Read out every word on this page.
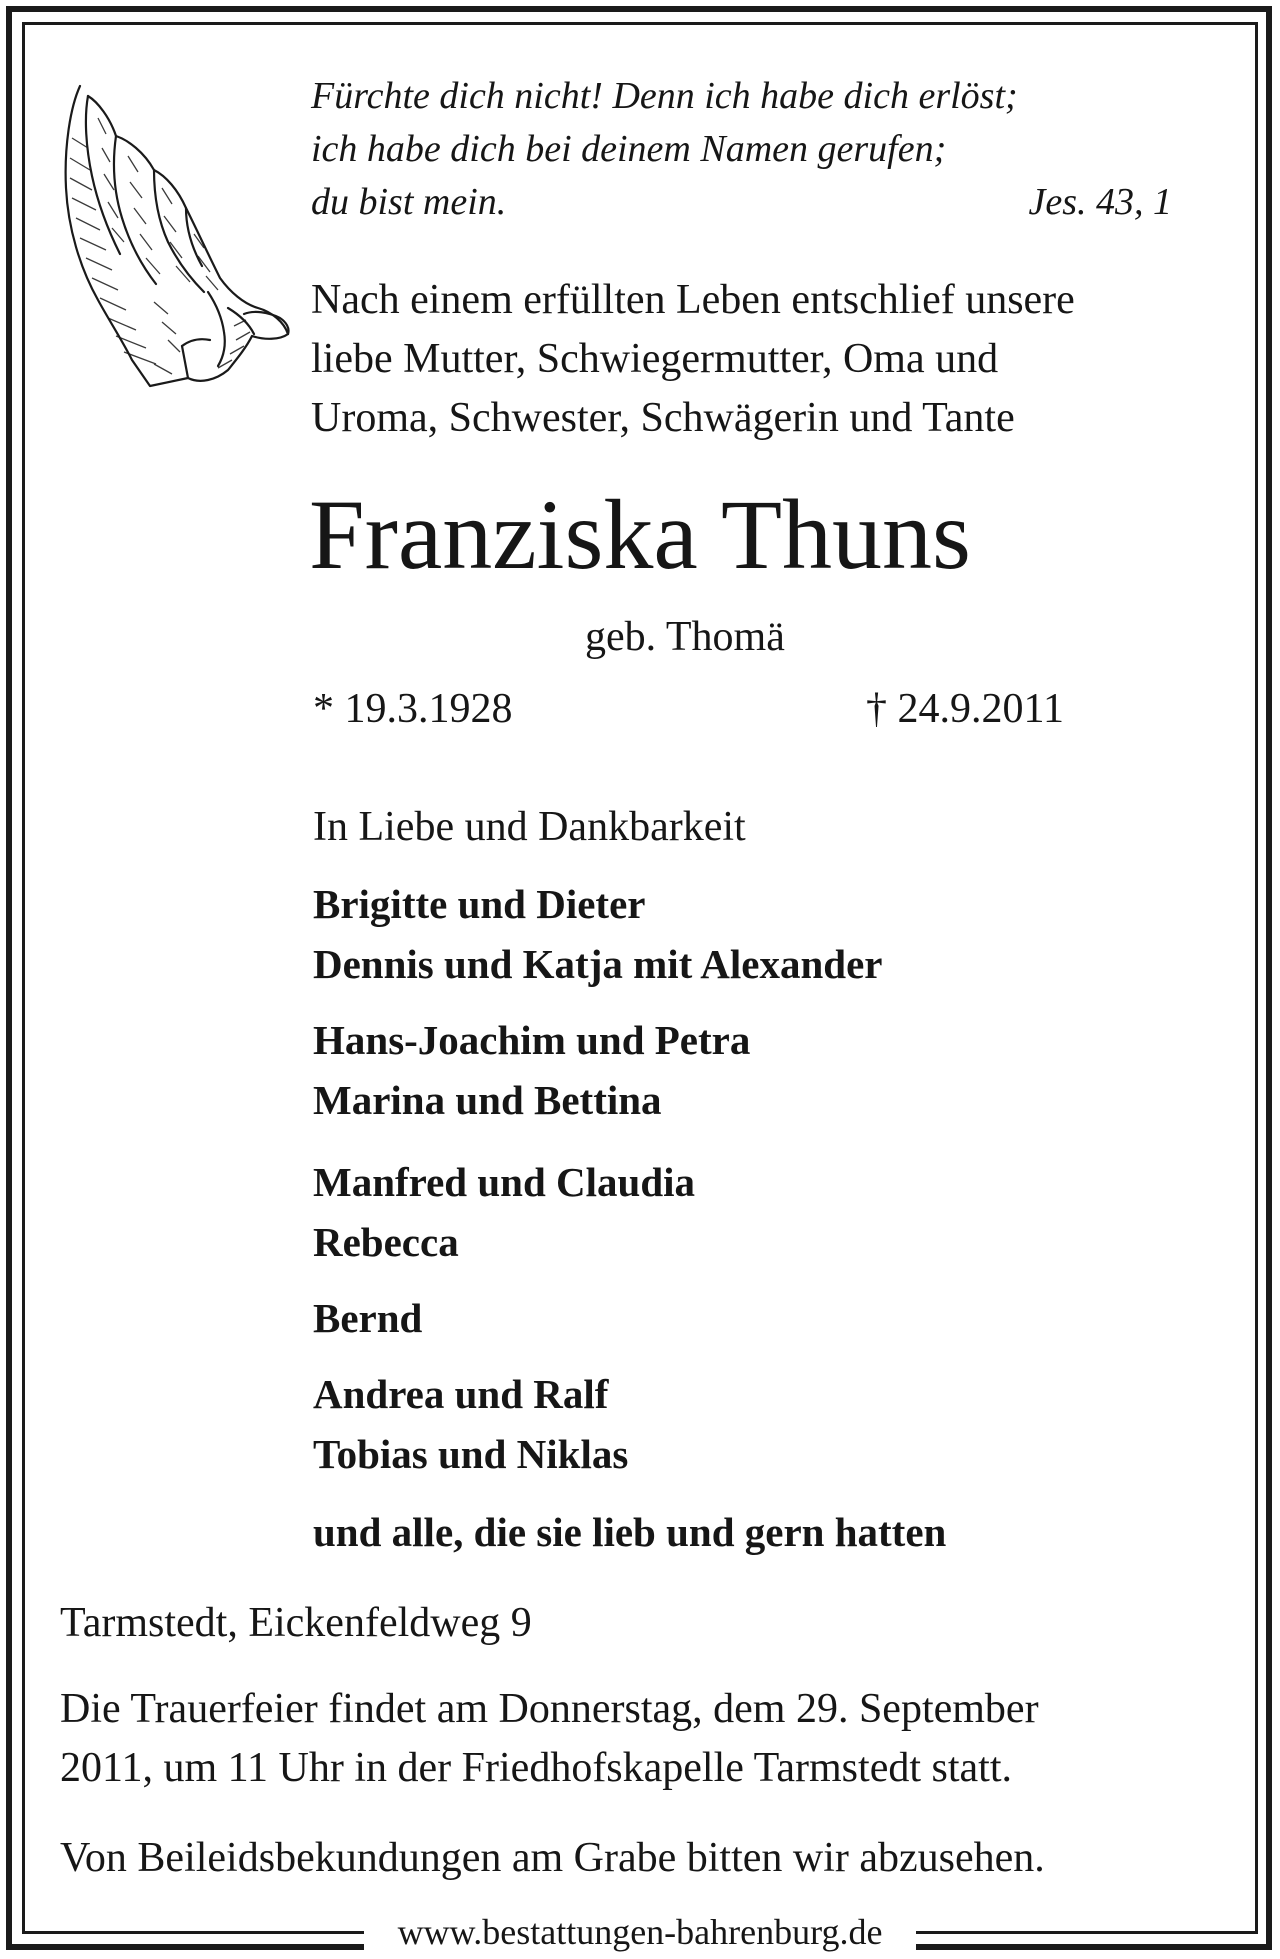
Fürchte dich nicht! Denn ich habe dich erlöst;

ich habe dich bei deinem Namen gerufen;

du bist mein.	Jes. 43, 1

Nach einem erfüllten Leben entschlief unsere

liebe Mutter, Schwiegermutter, Oma und

Uroma, Schwester, Schwägerin und Tante

Franziska Thuns

geb. Thomä

* 19.3.1928	† 24.9.2011

In Liebe und Dankbarkeit

Brigitte und Dieter

Dennis und Katja mit Alexander

Hans-Joachim und Petra

Marina und Bettina

Manfred und Claudia

Rebecca

Bernd

Andrea und Ralf

Tobias und Niklas

und alle, die sie lieb und gern hatten

Tarmstedt, Eickenfeldweg 9

Die Trauerfeier findet am Donnerstag, dem 29. September

2011, um 11 Uhr in der Friedhofskapelle Tarmstedt statt.

Von Beileidsbekundungen am Grabe bitten wir abzusehen.

www.bestattungen-bahrenburg.de
